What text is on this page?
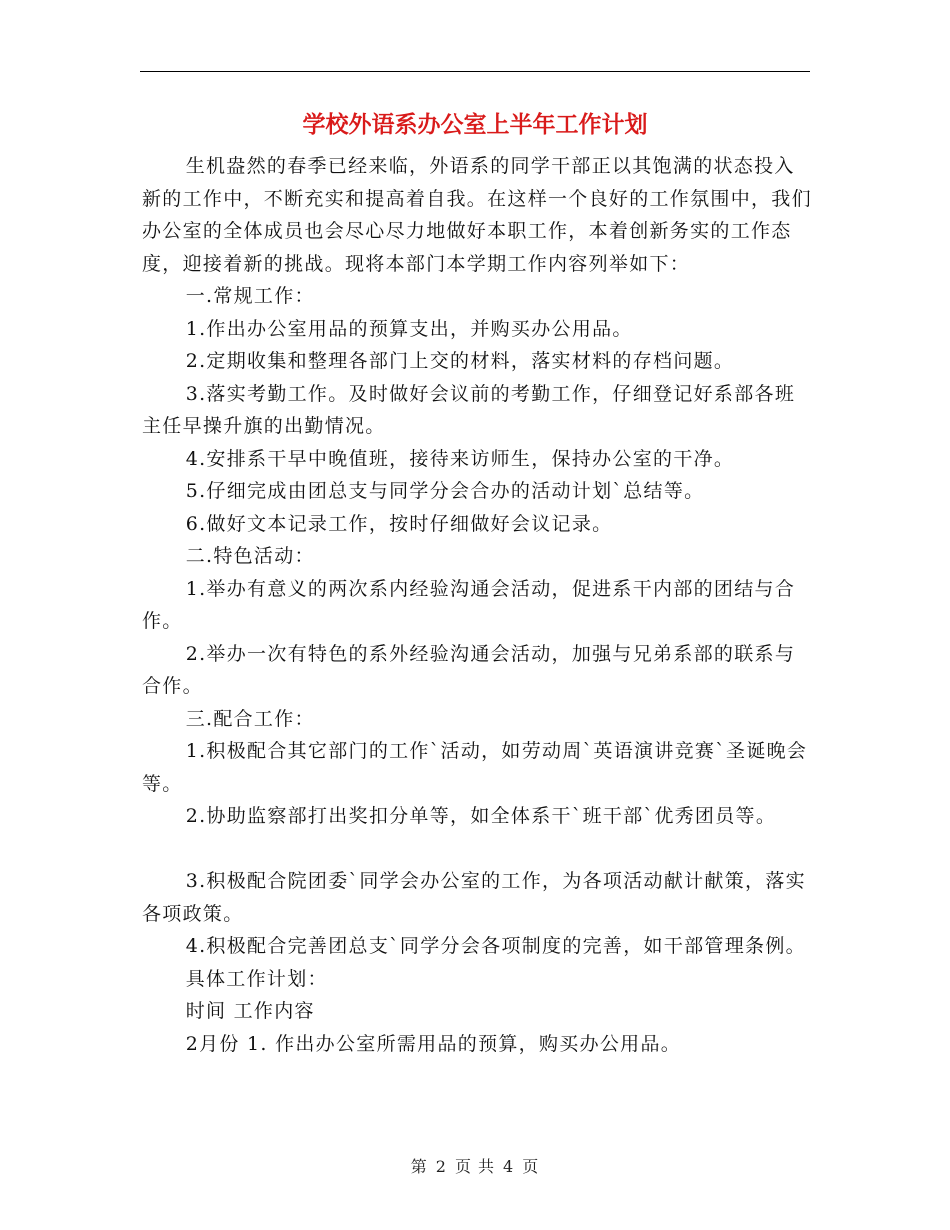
学校外语系办公室上半年工作计划

生机盎然的春季已经来临，外语系的同学干部正以其饱满的状态投入新的工作中，不断充实和提高着自我。在这样一个良好的工作氛围中，我们办公室的全体成员也会尽心尽力地做好本职工作，本着创新务实的工作态度，迎接着新的挑战。现将本部门本学期工作内容列举如下：

一.常规工作：

1.作出办公室用品的预算支出，并购买办公用品。

2.定期收集和整理各部门上交的材料，落实材料的存档问题。

3.落实考勤工作。及时做好会议前的考勤工作，仔细登记好系部各班主任早操升旗的出勤情况。

4.安排系干早中晚值班，接待来访师生，保持办公室的干净。

5.仔细完成由团总支与同学分会合办的活动计划`总结等。

6.做好文本记录工作，按时仔细做好会议记录。

二.特色活动：

1.举办有意义的两次系内经验沟通会活动，促进系干内部的团结与合作。

2.举办一次有特色的系外经验沟通会活动，加强与兄弟系部的联系与合作。

三.配合工作：

1.积极配合其它部门的工作`活动，如劳动周`英语演讲竞赛`圣诞晚会等。

2.协助监察部打出奖扣分单等，如全体系干`班干部`优秀团员等。

3.积极配合院团委`同学会办公室的工作，为各项活动献计献策，落实各项政策。

4.积极配合完善团总支`同学分会各项制度的完善，如干部管理条例。

具体工作计划：

时间 工作内容

2月份 1. 作出办公室所需用品的预算，购买办公用品。

第 2 页 共 4 页
